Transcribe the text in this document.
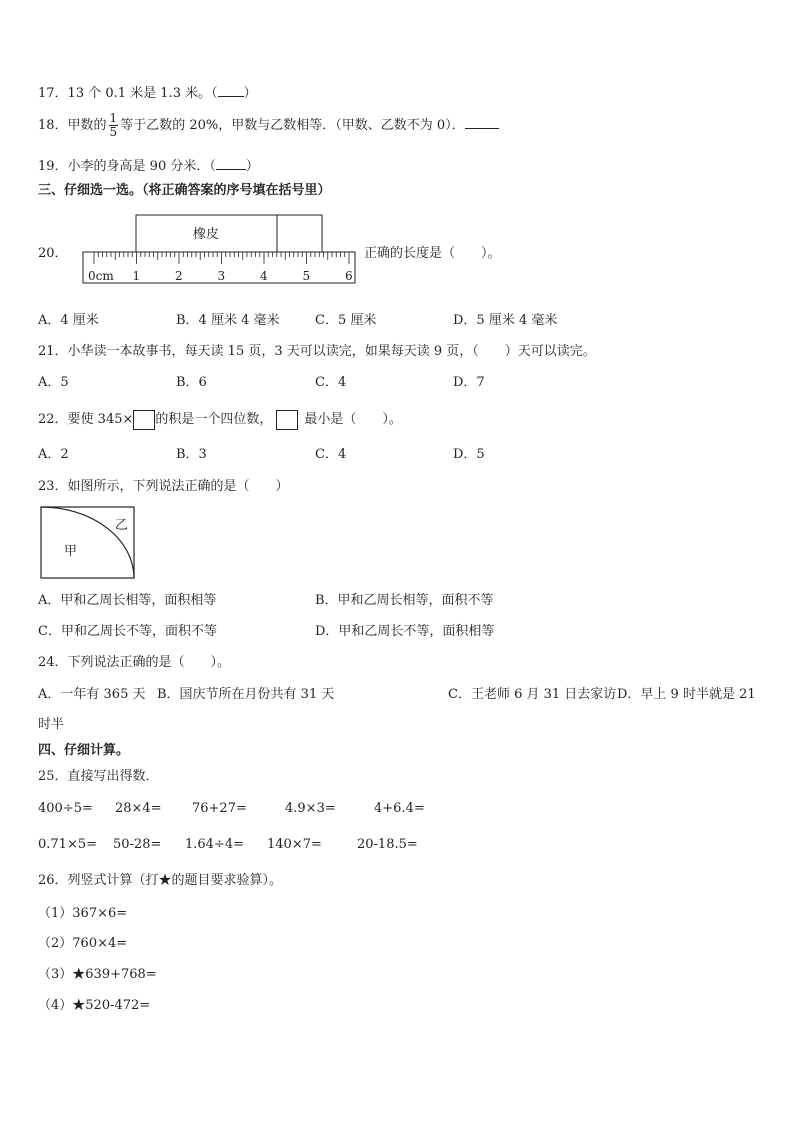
17．13 个 0.1 米是 1.3 米。（ ）
18．甲数的 $\frac{1}{5}$ 等于乙数的 20%，甲数与乙数相等．（甲数、乙数不为 0）．
19．小李的身高是 90 分米．（ ）
三、仔细选一选。（将正确答案的序号填在括号里）
20．
橡皮
0cm 1	2	3	4	5	6
正确的长度是（　　）。
A．4 厘米	B．4 厘米 4 毫米	C．5 厘米	D．5 厘米 4 毫米
21．小华读一本故事书，每天读 15 页，3 天可以读完，如果每天读 9 页，（　　）天可以读完。
A．5	B．6	C．4	D．7
22．要使 345× 的积是一个四位数， 最小是（　　）。
A．2	B．3	C．4	D．5
23．如图所示，下列说法正确的是（　　）
甲
乙
A．甲和乙周长相等，面积相等	B．甲和乙周长相等，面积不等
C．甲和乙周长不等，面积不等	D．甲和乙周长不等，面积相等
24．下列说法正确的是（　　）。
A．一年有 365 天 B．国庆节所在月份共有 31 天	C．王老师 6 月 31 日去家访 D．早上 9 时半就是 21
时半
四、仔细计算。
25．直接写出得数．
400÷5= 28×4= 76+27=	4.9×3=	4+6.4=
0.71×5= 50-28= 1.64÷4= 140×7=	20-18.5=
26．列竖式计算（打★的题目要求验算）。
（1）367×6=
（2）760×4=
（3）★639+768=
（4）★520-472=
